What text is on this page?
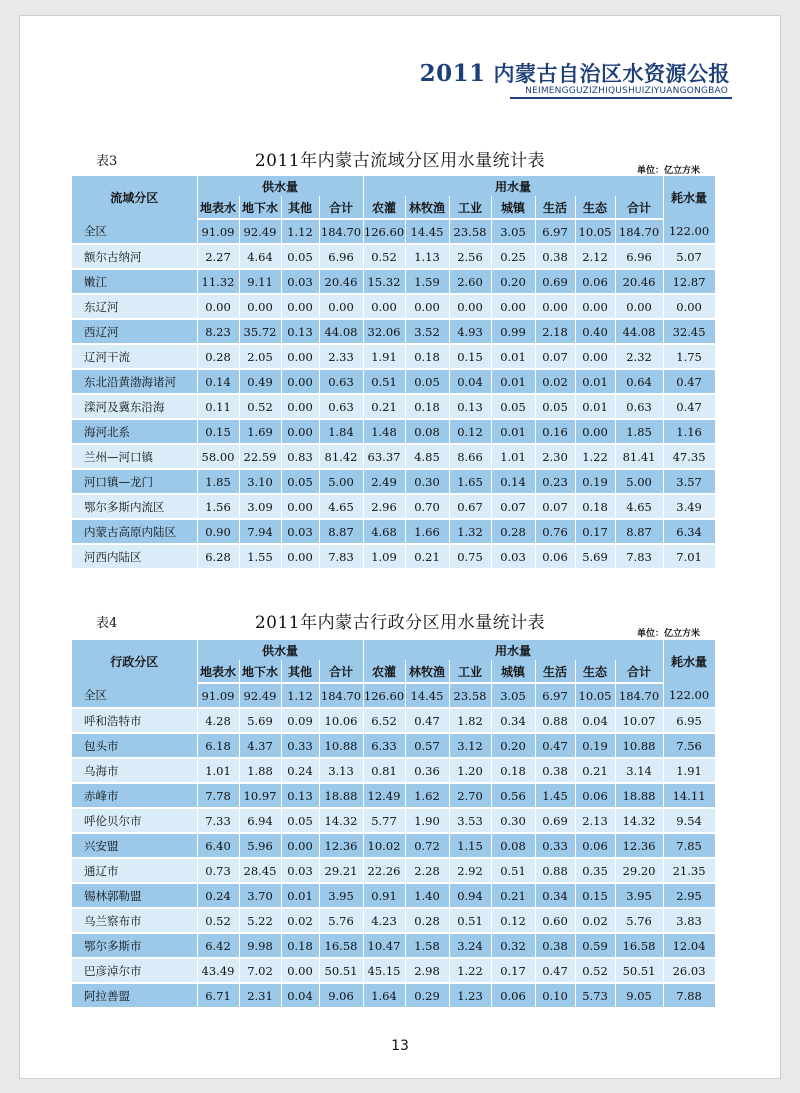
2011 内蒙古自治区水资源公报
NEIMENGGUZIZHIQUSHUIZIYUANGONGBAO
表3	2011年内蒙古流域分区用水量统计表	单位：亿立方米
流域分区	供水量				用水量							耗水量
	地表水	地下水	其他	合计	农灌	林牧渔	工业	城镇	生活	生态	合计	
全区	91.09	92.49	1.12	184.70	126.60	14.45	23.58	3.05	6.97	10.05	184.70	122.00
额尔古纳河	2.27	4.64	0.05	6.96	0.52	1.13	2.56	0.25	0.38	2.12	6.96	5.07
嫩江	11.32	9.11	0.03	20.46	15.32	1.59	2.60	0.20	0.69	0.06	20.46	12.87
东辽河	0.00	0.00	0.00	0.00	0.00	0.00	0.00	0.00	0.00	0.00	0.00	0.00
西辽河	8.23	35.72	0.13	44.08	32.06	3.52	4.93	0.99	2.18	0.40	44.08	32.45
辽河干流	0.28	2.05	0.00	2.33	1.91	0.18	0.15	0.01	0.07	0.00	2.32	1.75
东北沿黄渤海诸河	0.14	0.49	0.00	0.63	0.51	0.05	0.04	0.01	0.02	0.01	0.64	0.47
滦河及冀东沿海	0.11	0.52	0.00	0.63	0.21	0.18	0.13	0.05	0.05	0.01	0.63	0.47
海河北系	0.15	1.69	0.00	1.84	1.48	0.08	0.12	0.01	0.16	0.00	1.85	1.16
兰州—河口镇	58.00	22.59	0.83	81.42	63.37	4.85	8.66	1.01	2.30	1.22	81.41	47.35
河口镇—龙门	1.85	3.10	0.05	5.00	2.49	0.30	1.65	0.14	0.23	0.19	5.00	3.57
鄂尔多斯内流区	1.56	3.09	0.00	4.65	2.96	0.70	0.67	0.07	0.07	0.18	4.65	3.49
内蒙古高原内陆区	0.90	7.94	0.03	8.87	4.68	1.66	1.32	0.28	0.76	0.17	8.87	6.34
河西内陆区	6.28	1.55	0.00	7.83	1.09	0.21	0.75	0.03	0.06	5.69	7.83	7.01
表4	2011年内蒙古行政分区用水量统计表
单位：亿立方米
行政分区	供水量				用水量							耗水量
	地表水	地下水	其他	合计	农灌	林牧渔	工业	城镇	生活	生态	合计	
全区	91.09	92.49	1.12	184.70	126.60	14.45	23.58	3.05	6.97	10.05	184.70	122.00
呼和浩特市	4.28	5.69	0.09	10.06	6.52	0.47	1.82	0.34	0.88	0.04	10.07	6.95
包头市	6.18	4.37	0.33	10.88	6.33	0.57	3.12	0.20	0.47	0.19	10.88	7.56
乌海市	1.01	1.88	0.24	3.13	0.81	0.36	1.20	0.18	0.38	0.21	3.14	1.91
赤峰市	7.78	10.97	0.13	18.88	12.49	1.62	2.70	0.56	1.45	0.06	18.88	14.11
呼伦贝尔市	7.33	6.94	0.05	14.32	5.77	1.90	3.53	0.30	0.69	2.13	14.32	9.54
兴安盟	6.40	5.96	0.00	12.36	10.02	0.72	1.15	0.08	0.33	0.06	12.36	7.85
通辽市	0.73	28.45	0.03	29.21	22.26	2.28	2.92	0.51	0.88	0.35	29.20	21.35
锡林郭勒盟	0.24	3.70	0.01	3.95	0.91	1.40	0.94	0.21	0.34	0.15	3.95	2.95
乌兰察布市	0.52	5.22	0.02	5.76	4.23	0.28	0.51	0.12	0.60	0.02	5.76	3.83
鄂尔多斯市	6.42	9.98	0.18	16.58	10.47	1.58	3.24	0.32	0.38	0.59	16.58	12.04
巴彦淖尔市	43.49	7.02	0.00	50.51	45.15	2.98	1.22	0.17	0.47	0.52	50.51	26.03
阿拉善盟	6.71	2.31	0.04	9.06	1.64	0.29	1.23	0.06	0.10	5.73	9.05	7.88
13
